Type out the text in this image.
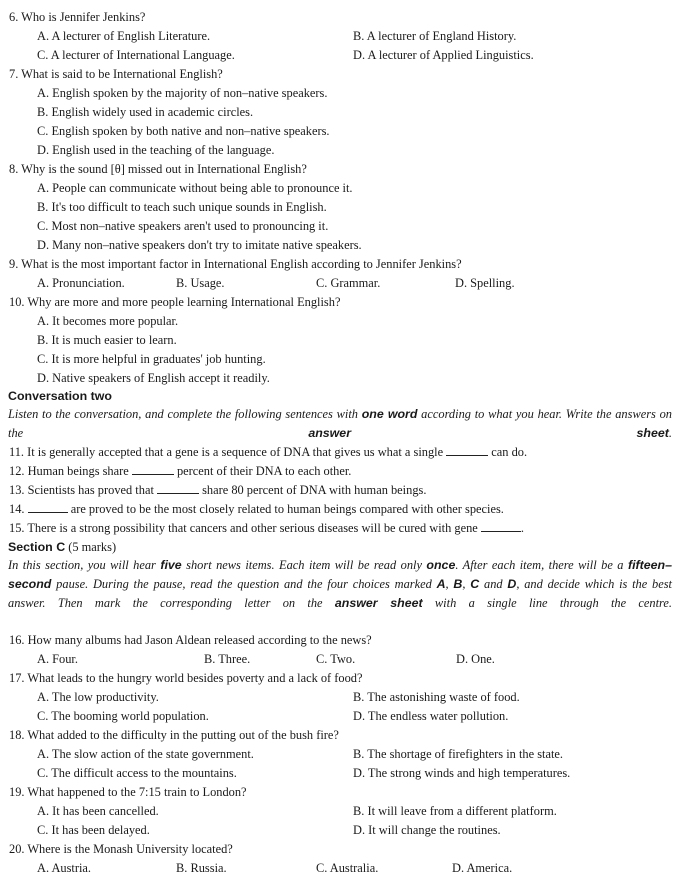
6. Who is Jennifer Jenkins?
A. A lecturer of English Literature.	B. A lecturer of England History.
C. A lecturer of International Language.	D. A lecturer of Applied Linguistics.
7. What is said to be International English?
A. English spoken by the majority of non–native speakers.
B. English widely used in academic circles.
C. English spoken by both native and non–native speakers.
D. English used in the teaching of the language.
8. Why is the sound [θ] missed out in International English?
A. People can communicate without being able to pronounce it.
B. It's too difficult to teach such unique sounds in English.
C. Most non–native speakers aren't used to pronouncing it.
D. Many non–native speakers don't try to imitate native speakers.
9. What is the most important factor in International English according to Jennifer Jenkins?
A. Pronunciation.	B. Usage.	C. Grammar.	D. Spelling.
10. Why are more and more people learning International English?
A. It becomes more popular.
B. It is much easier to learn.
C. It is more helpful in graduates' job hunting.
D. Native speakers of English accept it readily.
Conversation two
Listen to the conversation, and complete the following sentences with one word according to what you hear. Write the answers on the answer sheet.
11. It is generally accepted that a gene is a sequence of DNA that gives us what a single	can do.
12. Human beings share	percent of their DNA to each other.
13. Scientists has proved that	share 80 percent of DNA with human beings.
14.	are proved to be the most closely related to human beings compared with other species.
15. There is a strong possibility that cancers and other serious diseases will be cured with gene	.
Section C (5 marks)
In this section, you will hear five short news items. Each item will be read only once. After each item, there will be a fifteen–second pause. During the pause, read the question and the four choices marked A, B, C and D, and decide which is the best answer. Then mark the corresponding letter on the answer sheet with a single line through the centre.
16. How many albums had Jason Aldean released according to the news?
A. Four.	B. Three.	C. Two.	D. One.
17. What leads to the hungry world besides poverty and a lack of food?
A. The low productivity.	B. The astonishing waste of food.
C. The booming world population.	D. The endless water pollution.
18. What added to the difficulty in the putting out of the bush fire?
A. The slow action of the state government.	B. The shortage of firefighters in the state.
C. The difficult access to the mountains.	D. The strong winds and high temperatures.
19. What happened to the 7:15 train to London?
A. It has been cancelled.	B. It will leave from a different platform.
C. It has been delayed.	D. It will change the routines.
20. Where is the Monash University located?
A. Austria.	B. Russia.	C. Australia.	D. America.
